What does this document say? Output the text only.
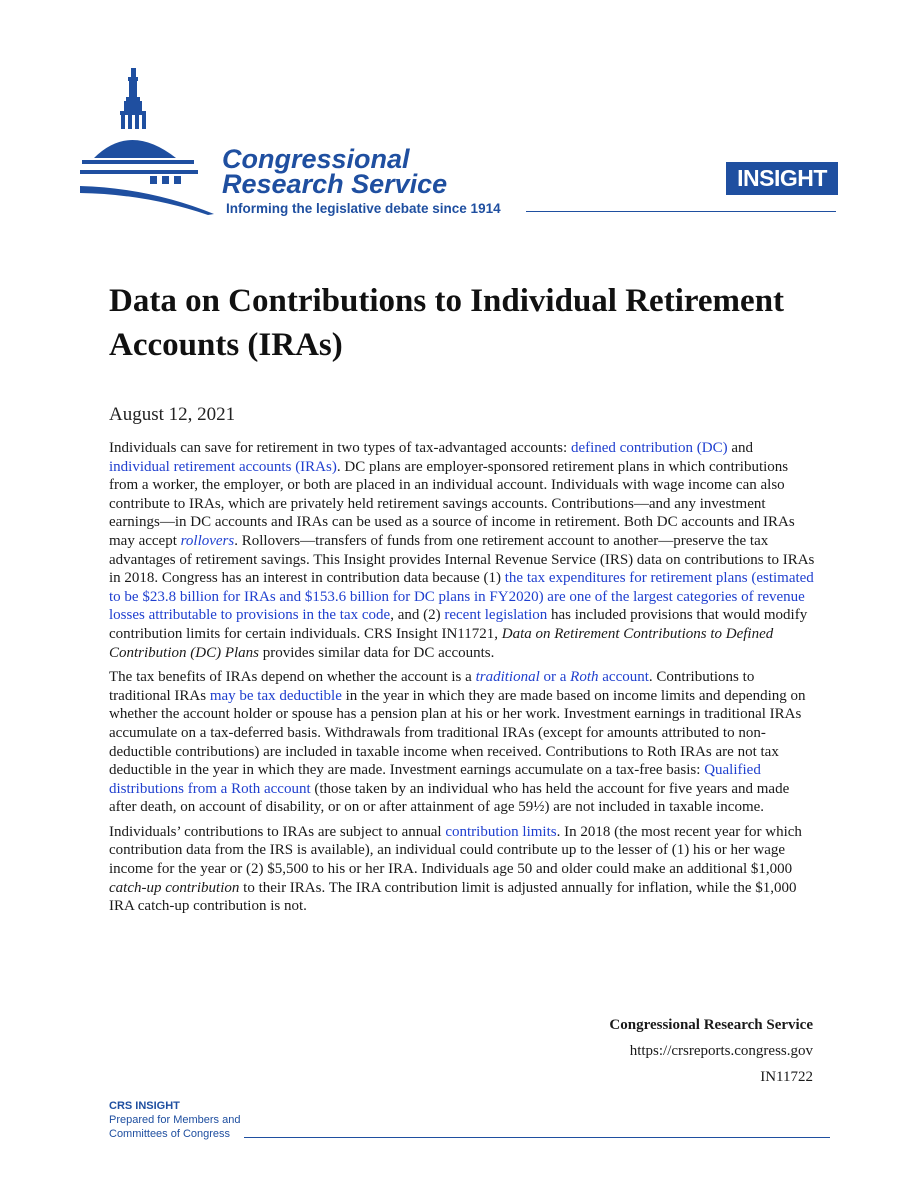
Congressional
Research Service
Informing the legislative debate since 1914
INSIGHT
Data on Contributions to Individual Retirement Accounts (IRAs)
August 12, 2021

Individuals can save for retirement in two types of tax-advantaged accounts: defined contribution (DC) and individual retirement accounts (IRAs). DC plans are employer-sponsored retirement plans in which contributions from a worker, the employer, or both are placed in an individual account. Individuals with wage income can also contribute to IRAs, which are privately held retirement savings accounts. Contributions—and any investment earnings—in DC accounts and IRAs can be used as a source of income in retirement. Both DC accounts and IRAs may accept rollovers. Rollovers—transfers of funds from one retirement account to another—preserve the tax advantages of retirement savings. This Insight provides Internal Revenue Service (IRS) data on contributions to IRAs in 2018. Congress has an interest in contribution data because (1) the tax expenditures for retirement plans (estimated to be $23.8 billion for IRAs and $153.6 billion for DC plans in FY2020) are one of the largest categories of revenue losses attributable to provisions in the tax code, and (2) recent legislation has included provisions that would modify contribution limits for certain individuals. CRS Insight IN11721, Data on Retirement Contributions to Defined Contribution (DC) Plans provides similar data for DC accounts.

The tax benefits of IRAs depend on whether the account is a traditional or a Roth account. Contributions to traditional IRAs may be tax deductible in the year in which they are made based on income limits and depending on whether the account holder or spouse has a pension plan at his or her work. Investment earnings in traditional IRAs accumulate on a tax-deferred basis. Withdrawals from traditional IRAs (except for amounts attributed to non-deductible contributions) are included in taxable income when received. Contributions to Roth IRAs are not tax deductible in the year in which they are made. Investment earnings accumulate on a tax-free basis: Qualified distributions from a Roth account (those taken by an individual who has held the account for five years and made after death, on account of disability, or on or after attainment of age 59½) are not included in taxable income.

Individuals’ contributions to IRAs are subject to annual contribution limits. In 2018 (the most recent year for which contribution data from the IRS is available), an individual could contribute up to the lesser of (1) his or her wage income for the year or (2) $5,500 to his or her IRA. Individuals age 50 and older could make an additional $1,000 catch-up contribution to their IRAs. The IRA contribution limit is adjusted annually for inflation, while the $1,000 IRA catch-up contribution is not.

Congressional Research Service
https://crsreports.congress.gov
IN11722
CRS INSIGHT
Prepared for Members and
Committees of Congress
